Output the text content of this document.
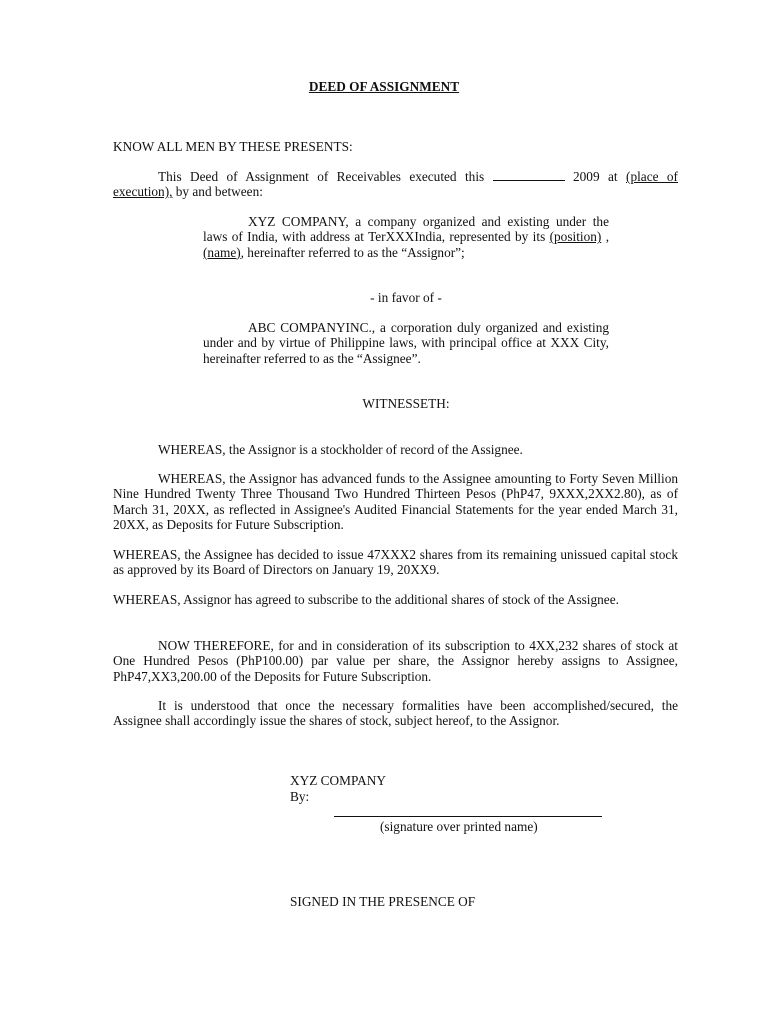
DEED OF ASSIGNMENT
KNOW ALL MEN BY THESE PRESENTS:
This Deed of Assignment of Receivables executed this	2009 at (place of execution), by and between:
XYZ COMPANY, a company organized and existing under the laws of India, with address at TerXXXIndia, represented by its (position) , (name), hereinafter referred to as the “Assignor”;
- in favor of -
ABC COMPANYINC., a corporation duly organized and existing under and by virtue of Philippine laws, with principal office at XXX City, hereinafter referred to as the “Assignee”.
WITNESSETH:
WHEREAS, the Assignor is a stockholder of record of the Assignee.
WHEREAS, the Assignor has advanced funds to the Assignee amounting to Forty Seven Million Nine Hundred Twenty Three Thousand Two Hundred Thirteen Pesos (PhP47, 9XXX,2XX2.80), as of March 31, 20XX, as reflected in Assignee's Audited Financial Statements for the year ended March 31, 20XX, as Deposits for Future Subscription.
WHEREAS, the Assignee has decided to issue 47XXX2 shares from its remaining unissued capital stock as approved by its Board of Directors on January 19, 20XX9.
WHEREAS, Assignor has agreed to subscribe to the additional shares of stock of the Assignee.
NOW THEREFORE, for and in consideration of its subscription to 4XX,232 shares of stock at One Hundred Pesos (PhP100.00) par value per share, the Assignor hereby assigns to Assignee, PhP47,XX3,200.00 of the Deposits for Future Subscription.
It is understood that once the necessary formalities have been accomplished/secured, the Assignee shall accordingly issue the shares of stock, subject hereof, to the Assignor.
XYZ COMPANY
By:
(signature over printed name)
SIGNED IN THE PRESENCE OF
